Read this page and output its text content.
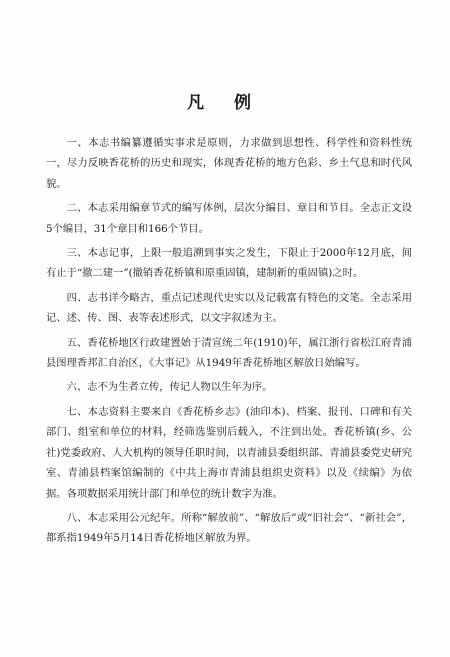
凡 例

一、本志书编纂遵循实事求是原则，力求做到思想性、科学性和资料性统一，尽力反映香花桥的历史和现实，体现香花桥的地方色彩、乡土气息和时代风貌。

二、本志采用编章节式的编写体例，层次分编目、章目和节目。全志正文设5个编目，31个章目和166个节目。

三、本志记事，上限一般追溯到事实之发生，下限止于2000年12月底，间有止于“撤二建一”(撤销香花桥镇和原重固镇，建制新的重固镇)之时。

四、志书详今略古，重点记述现代史实以及记载富有特色的文笔。全志采用记、述、传、图、表等表述形式，以文字叙述为主。

五、香花桥地区行政建置始于清宣统二年(1910)年，属江浙行省松江府青浦县图理香邦汇自治区，《大事记》从1949年香花桥地区解放日始编写。

六、志不为生者立传，传记人物以生年为序。

七、本志资料主要来自《香花桥乡志》(油印本)、档案、报刊、口碑和有关部门、组室和单位的材料，经筛选鉴别后载入，不注到出处。香花桥镇(乡、公社)党委政府、人大机构的领导任职时间，以青浦县委组织部、青浦县委党史研究室、青浦县档案馆编制的《中共上海市青浦县组织史资料》以及《续编》为依据。各项数据采用统计部门和单位的统计数字为准。

八、本志采用公元纪年。所称“解放前”、“解放后”或“旧社会”、“新社会”，都系指1949年5月14日香花桥地区解放为界。
